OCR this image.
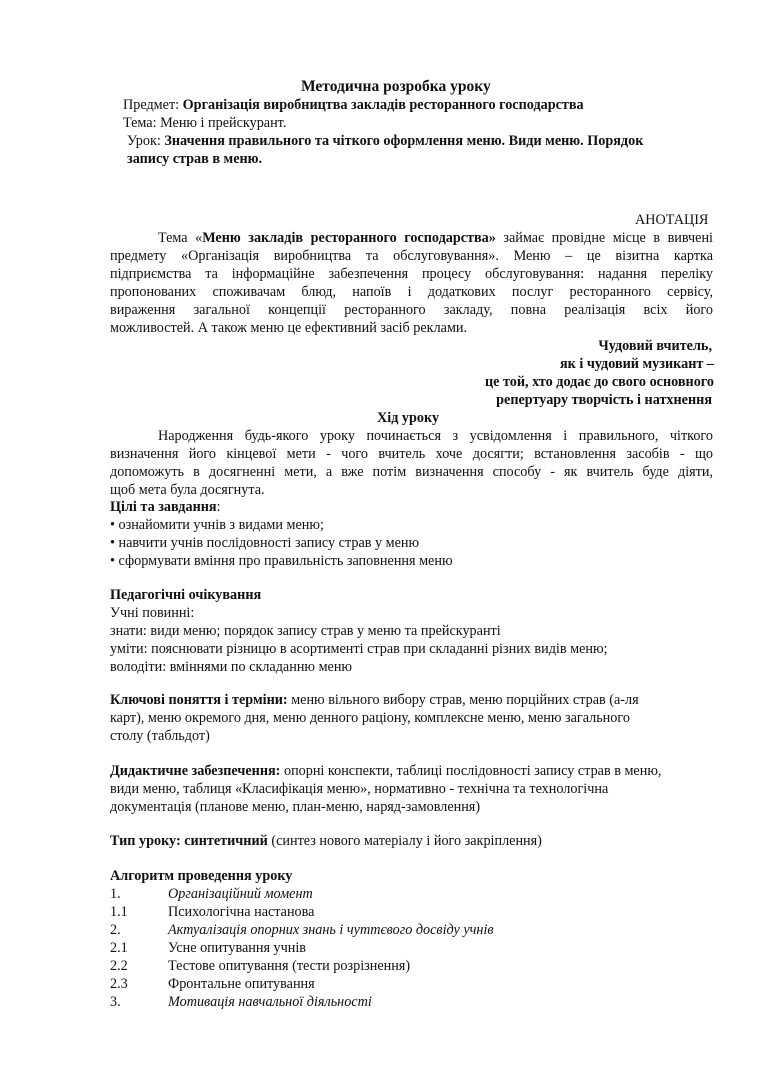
Методична розробка уроку
Предмет: Організація виробництва закладів ресторанного господарства
Тема: Меню і прейскурант.
Урок: Значення правильного та чіткого оформлення меню. Види меню. Порядок
запису страв в меню.
АНОТАЦІЯ
Тема «Меню закладів ресторанного господарства» займає провідне місце в вивчені
предмету «Організація виробництва та обслуговування». Меню – це візитна картка
підприємства та інформаційне забезпечення процесу обслуговування: надання переліку
пропонованих споживачам блюд, напоїв і додаткових послуг ресторанного сервісу,
вираження загальної концепції ресторанного закладу, повна реалізація всіх його
можливостей. А також меню це ефективний засіб реклами.
Чудовий вчитель,
як і чудовий музикант –
це той, хто додає до свого основного
репертуару творчість і натхнення
Хід уроку
Народження будь-якого уроку починається з усвідомлення і правильного, чіткого
визначення його кінцевої мети - чого вчитель хоче досягти; встановлення засобів - що
допоможуть в досягненні мети, а вже потім визначення способу - як вчитель буде діяти,
щоб мета була досягнута.
Цілі та завдання:
• ознайомити учнів з видами меню;
• навчити учнів послідовності запису страв у меню
• сформувати вміння про правильність заповнення меню
Педагогічні очікування
Учні повинні:
знати: види меню; порядок запису страв у меню та прейскуранті
уміти: пояснювати різницю в асортименті страв при складанні різних видів меню;
володіти: вміннями по складанню меню
Ключові поняття і терміни: меню вільного вибору страв, меню порційних страв (а-ля
карт), меню окремого дня, меню денного раціону, комплексне меню, меню загального
столу (табльдот)
Дидактичне забезпечення: опорні конспекти, таблиці послідовності запису страв в меню,
види меню, таблиця «Класифікація меню», нормативно - технічна та технологічна
документація (планове меню, план-меню, наряд-замовлення)
Тип уроку: синтетичний (синтез нового матеріалу і його закріплення)
Алгоритм проведення уроку
1.	Організаційний момент
1.1	Психологічна настанова
2.	Актуалізація опорних знань і чуттєвого досвіду учнів
2.1	Усне опитування учнів
2.2	Тестове опитування (тести розрізнення)
2.3	Фронтальне опитування
3.	Мотивація навчальної діяльності
